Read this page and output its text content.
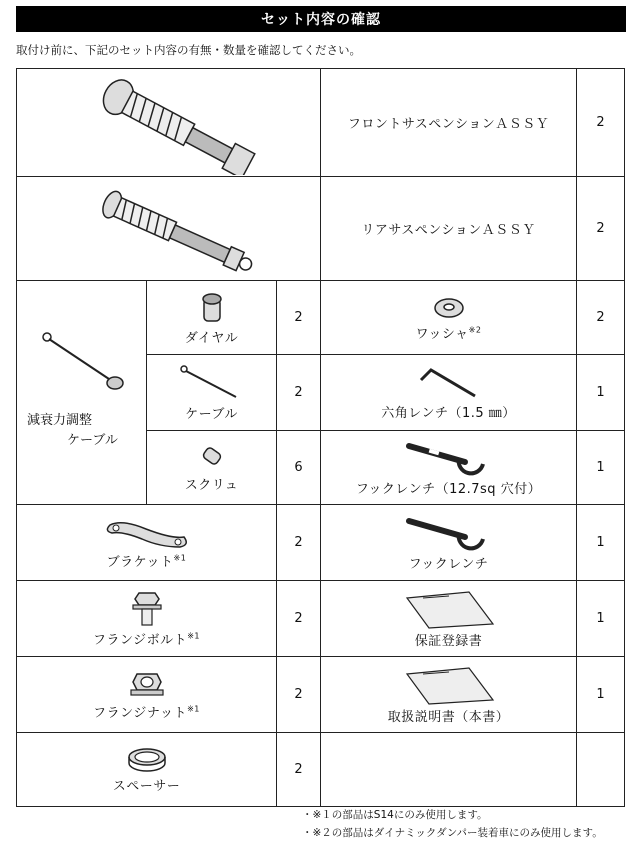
セット内容の確認
取付け前に、下記のセット内容の有無・数量を確認してください。
	フロントサスペンションＡＳＳＹ	2

	リアサスペンションＡＳＳＹ	2

減衰力調整
ケーブル	ダイヤル	2	ワッシャ$^{※2}$	2

	ケーブル	2	六角レンチ（1.5 ㎜）	1

	スクリュ	6	フックレンチ（12.7sq 穴付）	1

ブラケット$^{※1}$		2	フックレンチ	1

フランジボルト$^{※1}$		2	保証登録書	1

フランジナット$^{※1}$		2	取扱説明書（本書）	1

スペーサー		2		
・※１の部品はS14にのみ使用します。
・※２の部品はダイナミックダンパー装着車にのみ使用します。
